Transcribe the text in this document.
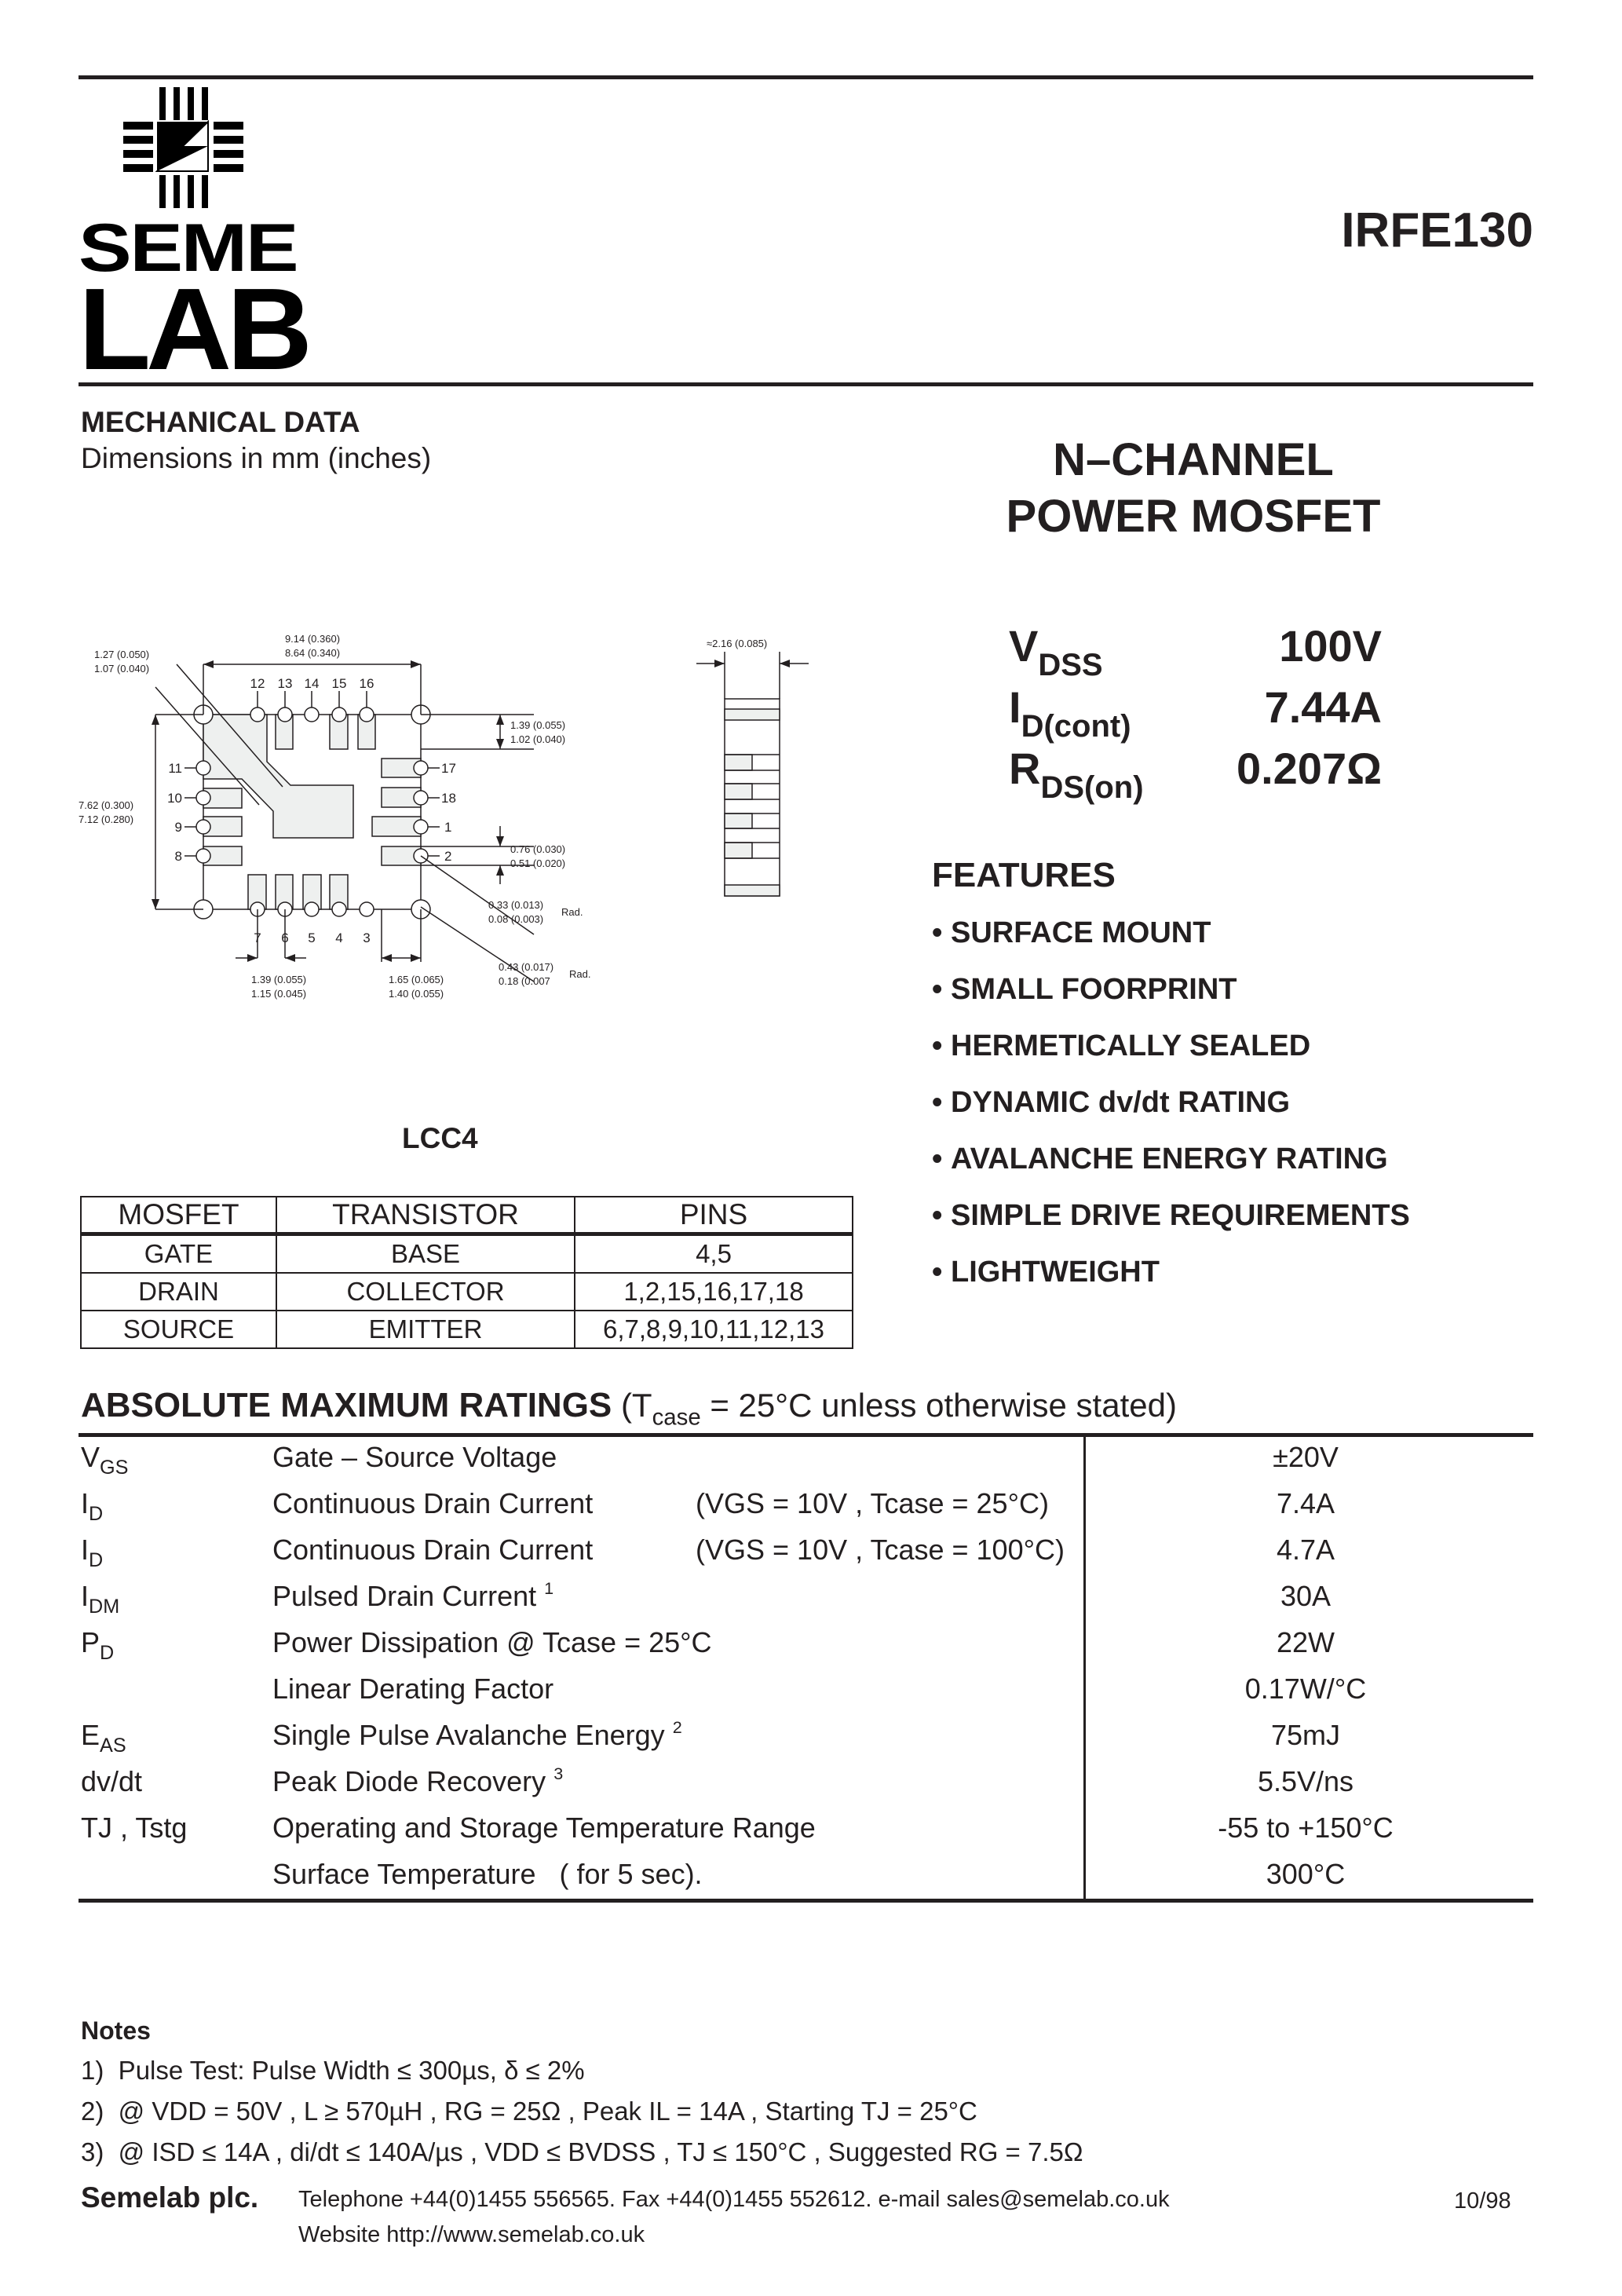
SEME
LAB
IRFE130
MECHANICAL DATA
Dimensions in mm (inches)
12 13 14 15 16
11
10
9
8
17
18
1
2
7 6 5 4 3
9.14 (0.360)
8.64 (0.340)
1.27 (0.050)
1.07 (0.040)
7.62 (0.300)
7.12 (0.280)
1.39 (0.055)
1.02 (0.040)
0.76 (0.030)
0.51 (0.020)
0.33 (0.013)
0.08 (0.003)
Rad.
0.43 (0.017)
0.18 (0.007
Rad.
1.39 (0.055)
1.15 (0.045)
1.65 (0.065)
1.40 (0.055)
≈2.16 (0.085)
LCC4
MOSFET	TRANSISTOR	PINS
GATE	BASE	4,5
DRAIN	COLLECTOR	1,2,15,16,17,18
SOURCE	EMITTER	6,7,8,9,10,11,12,13
N–CHANNEL
POWER MOSFET
$V_{DSS}$	100V
$I_{D(cont)}$	7.44A
$R_{DS(on)}$ 0.207Ω
FEATURES
• SURFACE MOUNT
• SMALL FOORPRINT
• HERMETICALLY SEALED
• DYNAMIC dv/dt RATING
• AVALANCHE ENERGY RATING
• SIMPLE DRIVE REQUIREMENTS
• LIGHTWEIGHT
ABSOLUTE MAXIMUM RATINGS ($T_{case} = 25^\circ C$ unless otherwise stated)
$V_{GS}$	Gate – Source Voltage	±20V
$I_D$	Continuous Drain Current	(VGS = 10V , Tcase = 25°C)	7.4A
$I_D$	Continuous Drain Current	(VGS = 10V , Tcase = 100°C)	4.7A
$I_{DM}$	Pulsed Drain Current $^1$	30A
$P_D$	Power Dissipation @ Tcase = 25°C	22W
Linear Derating Factor	0.17W/°C
$E_{AS}$	Single Pulse Avalanche Energy $^2$	75mJ
dv/dt	Peak Diode Recovery $^3$	5.5V/ns
TJ , Tstg	Operating and Storage Temperature Range	-55 to +150°C
Surface Temperature   ( for 5 sec).	300°C
Notes
1)  Pulse Test: Pulse Width ≤ 300µs, δ ≤ 2%
2)  @ VDD = 50V , L ≥ 570µH , RG = 25Ω , Peak IL = 14A , Starting TJ = 25°C
3)  @ ISD ≤ 14A , di/dt ≤ 140A/µs , VDD ≤ BVDSS , TJ ≤ 150°C , Suggested RG = 7.5Ω
Semelab plc. Telephone +44(0)1455 556565. Fax +44(0)1455 552612. e-mail sales@semelab.co.uk
Website http://www.semelab.co.uk
10/98
